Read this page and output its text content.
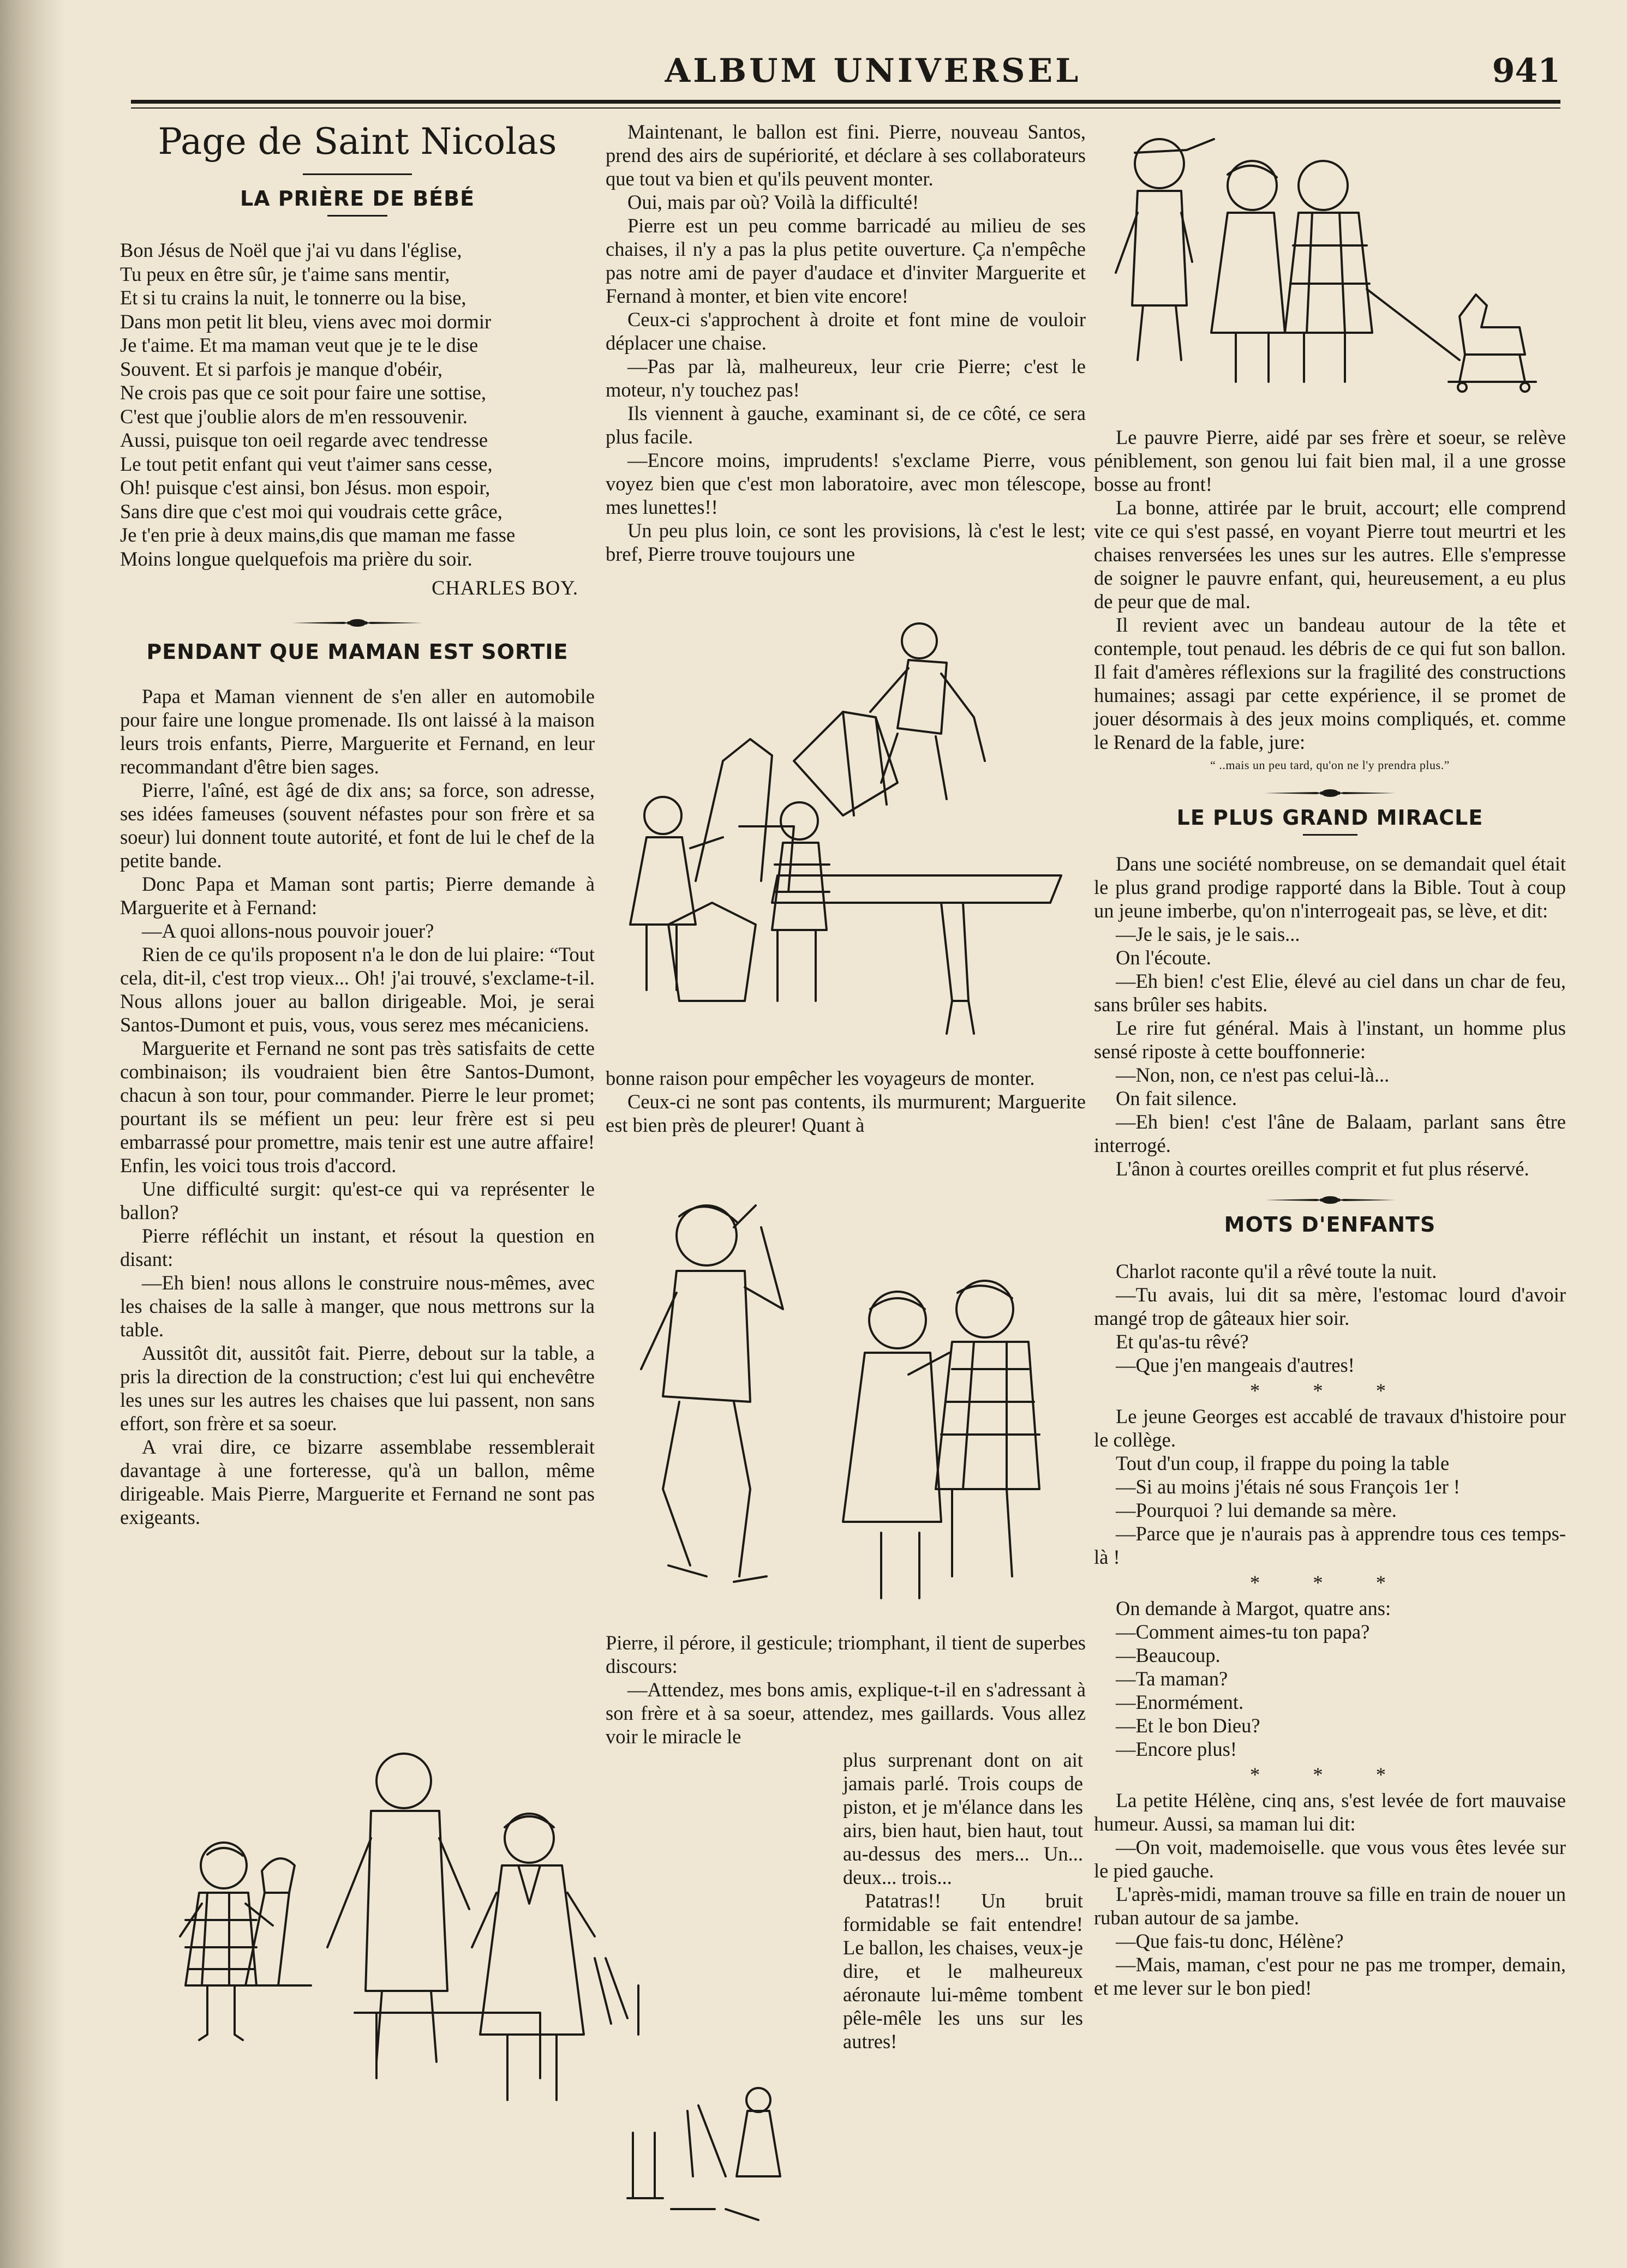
ALBUM UNIVERSEL	941
Page de Saint Nicolas
LA PRIÈRE DE BÉBÉ

Bon Jésus de Noël que j'ai vu dans l'église,

Tu peux en être sûr, je t'aime sans mentir,

Et si tu crains la nuit, le tonnerre ou la bise,

Dans mon petit lit bleu, viens avec moi dormir

Je t'aime. Et ma maman veut que je te le dise

Souvent. Et si parfois je manque d'obéir,

Ne crois pas que ce soit pour faire une sottise,

C'est que j'oublie alors de m'en ressouvenir.

Aussi, puisque ton oeil regarde avec tendresse

Le tout petit enfant qui veut t'aimer sans cesse,

Oh! puisque c'est ainsi, bon Jésus. mon espoir,

Sans dire que c'est moi qui voudrais cette grâce,

Je t'en prie à deux mains,dis que maman me fasse

Moins longue quelquefois ma prière du soir.

CHARLES BOY.

PENDANT QUE MAMAN EST SORTIE

Papa et Maman viennent de s'en aller en automobile pour faire une longue promenade. Ils ont laissé à la maison leurs trois enfants, Pierre, Marguerite et Fernand, en leur recommandant d'être bien sages.

Pierre, l'aîné, est âgé de dix ans; sa force, son adresse, ses idées fameuses (souvent néfastes pour son frère et sa soeur) lui donnent toute autorité, et font de lui le chef de la petite bande.

Donc Papa et Maman sont partis; Pierre demande à Marguerite et à Fernand:

—A quoi allons-nous pouvoir jouer?

Rien de ce qu'ils proposent n'a le don de lui plaire: “Tout cela, dit-il, c'est trop vieux... Oh! j'ai trouvé, s'exclame-t-il. Nous allons jouer au ballon dirigeable. Moi, je serai Santos-Dumont et puis, vous, vous serez mes mécaniciens.

Marguerite et Fernand ne sont pas très satisfaits de cette combinaison; ils voudraient bien être Santos-Dumont, chacun à son tour, pour commander. Pierre le leur promet; pourtant ils se méfient un peu: leur frère est si peu embarrassé pour promettre, mais tenir est une autre affaire! Enfin, les voici tous trois d'accord.

Une difficulté surgit: qu'est-ce qui va représenter le ballon?

Pierre réfléchit un instant, et résout la question en disant:

—Eh bien! nous allons le construire nous-mêmes, avec les chaises de la salle à manger, que nous mettrons sur la table.

Aussitôt dit, aussitôt fait. Pierre, debout sur la table, a pris la direction de la construction; c'est lui qui enchevêtre les unes sur les autres les chaises que lui passent, non sans effort, son frère et sa soeur.

A vrai dire, ce bizarre assemblabe ressemblerait davantage à une forteresse, qu'à un ballon, même dirigeable. Mais Pierre, Marguerite et Fernand ne sont pas exigeants.

Maintenant, le ballon est fini. Pierre, nouveau Santos, prend des airs de supériorité, et déclare à ses collaborateurs que tout va bien et qu'ils peuvent monter.

Oui, mais par où? Voilà la difficulté!

Pierre est un peu comme barricadé au milieu de ses chaises, il n'y a pas la plus petite ouverture. Ça n'empêche pas notre ami de payer d'audace et d'inviter Marguerite et Fernand à monter, et bien vite encore!

Ceux-ci s'approchent à droite et font mine de vouloir déplacer une chaise.

—Pas par là, malheureux, leur crie Pierre; c'est le moteur, n'y touchez pas!

Ils viennent à gauche, examinant si, de ce côté, ce sera plus facile.

—Encore moins, imprudents! s'exclame Pierre, vous voyez bien que c'est mon laboratoire, avec mon télescope, mes lunettes!!

Un peu plus loin, ce sont les provisions, là c'est le lest; bref, Pierre trouve toujours une

bonne raison pour empêcher les voyageurs de monter.

Ceux-ci ne sont pas contents, ils murmurent; Marguerite est bien près de pleurer! Quant à

Pierre, il pérore, il gesticule; triomphant, il tient de superbes discours:

—Attendez, mes bons amis, explique-t-il en s'adressant à son frère et à sa soeur, attendez, mes gaillards. Vous allez voir le miracle le

plus surprenant dont on ait jamais parlé. Trois coups de piston, et je m'élance dans les airs, bien haut, bien haut, tout au-dessus des mers... Un... deux... trois...

Patatras!! Un bruit formidable se fait entendre! Le ballon, les chaises, veux-je dire, et le malheureux aéronaute lui-même tombent pêle-mêle les uns sur les autres!

Le pauvre Pierre, aidé par ses frère et soeur, se relève péniblement, son genou lui fait bien mal, il a une grosse bosse au front!

La bonne, attirée par le bruit, accourt; elle comprend vite ce qui s'est passé, en voyant Pierre tout meurtri et les chaises renversées les unes sur les autres. Elle s'empresse de soigner le pauvre enfant, qui, heureusement, a eu plus de peur que de mal.

Il revient avec un bandeau autour de la tête et contemple, tout penaud. les débris de ce qui fut son ballon. Il fait d'amères réflexions sur la fragilité des constructions humaines; assagi par cette expérience, il se promet de jouer désormais à des jeux moins compliqués, et. comme le Renard de la fable, jure:

“ ..mais un peu tard, qu'on ne l'y prendra plus.”

LE PLUS GRAND MIRACLE

Dans une société nombreuse, on se demandait quel était le plus grand prodige rapporté dans la Bible. Tout à coup un jeune imberbe, qu'on n'interrogeait pas, se lève, et dit:

—Je le sais, je le sais...

On l'écoute.

—Eh bien! c'est Elie, élevé au ciel dans un char de feu, sans brûler ses habits.

Le rire fut général. Mais à l'instant, un homme plus sensé riposte à cette bouffonnerie:

—Non, non, ce n'est pas celui-là...

On fait silence.

—Eh bien! c'est l'âne de Balaam, parlant sans être interrogé.

L'ânon à courtes oreilles comprit et fut plus réservé.

MOTS D'ENFANTS

Charlot raconte qu'il a rêvé toute la nuit.

—Tu avais, lui dit sa mère, l'estomac lourd d'avoir mangé trop de gâteaux hier soir.

Et qu'as-tu rêvé?

—Que j'en mangeais d'autres!

* * *

Le jeune Georges est accablé de travaux d'histoire pour le collège.

Tout d'un coup, il frappe du poing la table

—Si au moins j'étais né sous François 1er !

—Pourquoi ? lui demande sa mère.

—Parce que je n'aurais pas à apprendre tous ces temps-là !

* * *

On demande à Margot, quatre ans:

—Comment aimes-tu ton papa?

—Beaucoup.

—Ta maman?

—Enormément.

—Et le bon Dieu?

—Encore plus!

* * *

La petite Hélène, cinq ans, s'est levée de fort mauvaise humeur. Aussi, sa maman lui dit:

—On voit, mademoiselle. que vous vous êtes levée sur le pied gauche.

L'après-midi, maman trouve sa fille en train de nouer un ruban autour de sa jambe.

—Que fais-tu donc, Hélène?

—Mais, maman, c'est pour ne pas me tromper, demain, et me lever sur le bon pied!
